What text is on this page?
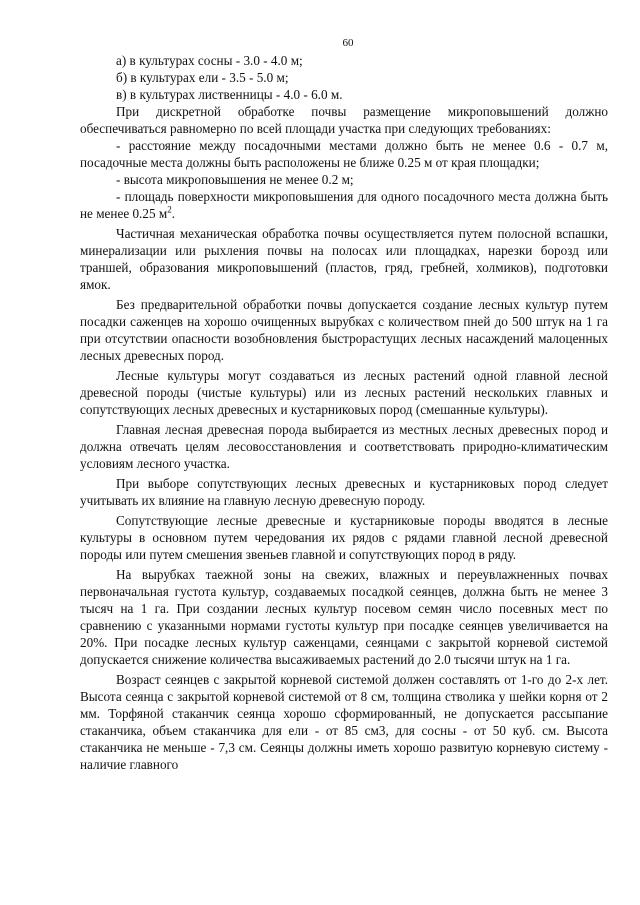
60

а) в культурах сосны - 3.0 - 4.0 м;

б) в культурах ели - 3.5 - 5.0 м;

в) в культурах лиственницы - 4.0 - 6.0 м.

При дискретной обработке почвы размещение микроповышений должно обеспечиваться равномерно по всей площади участка при следующих требованиях:

- расстояние между посадочными местами должно быть не менее 0.6 - 0.7 м, посадочные места должны быть расположены не ближе 0.25 м от края площадки;

- высота микроповышения не менее 0.2 м;

- площадь поверхности микроповышения для одного посадочного места должна быть не менее 0.25 $м^2$.

Частичная механическая обработка почвы осуществляется путем полосной вспашки, минерализации или рыхления почвы на полосах или площадках, нарезки борозд или траншей, образования микроповышений (пластов, гряд, гребней, холмиков), подготовки ямок.

Без предварительной обработки почвы допускается создание лесных культур путем посадки саженцев на хорошо очищенных вырубках с количеством пней до 500 штук на 1 га при отсутствии опасности возобновления быстрорастущих лесных насаждений малоценных лесных древесных пород.

Лесные культуры могут создаваться из лесных растений одной главной лесной древесной породы (чистые культуры) или из лесных растений нескольких главных и сопутствующих лесных древесных и кустарниковых пород (смешанные культуры).

Главная лесная древесная порода выбирается из местных лесных древесных пород и должна отвечать целям лесовосстановления и соответствовать природно-климатическим условиям лесного участка.

При выборе сопутствующих лесных древесных и кустарниковых пород следует учитывать их влияние на главную лесную древесную породу.

Сопутствующие лесные древесные и кустарниковые породы вводятся в лесные культуры в основном путем чередования их рядов с рядами главной лесной древесной породы или путем смешения звеньев главной и сопутствующих пород в ряду.

На вырубках таежной зоны на свежих, влажных и переувлажненных почвах первоначальная густота культур, создаваемых посадкой сеянцев, должна быть не менее 3 тысяч на 1 га. При создании лесных культур посевом семян число посевных мест по сравнению с указанными нормами густоты культур при посадке сеянцев увеличивается на 20%. При посадке лесных культур саженцами, сеянцами с закрытой корневой системой допускается снижение количества высаживаемых растений до 2.0 тысячи штук на 1 га.

Возраст сеянцев с закрытой корневой системой должен составлять от 1-го до 2-х лет. Высота сеянца с закрытой корневой системой от 8 см, толщина стволика у шейки корня от 2 мм. Торфяной стаканчик сеянца хорошо сформированный, не допускается рассыпание стаканчика, объем стаканчика для ели - от 85 см3, для сосны - от 50 куб. см. Высота стаканчика не меньше - 7,3 см. Сеянцы должны иметь хорошо развитую корневую систему - наличие главного
